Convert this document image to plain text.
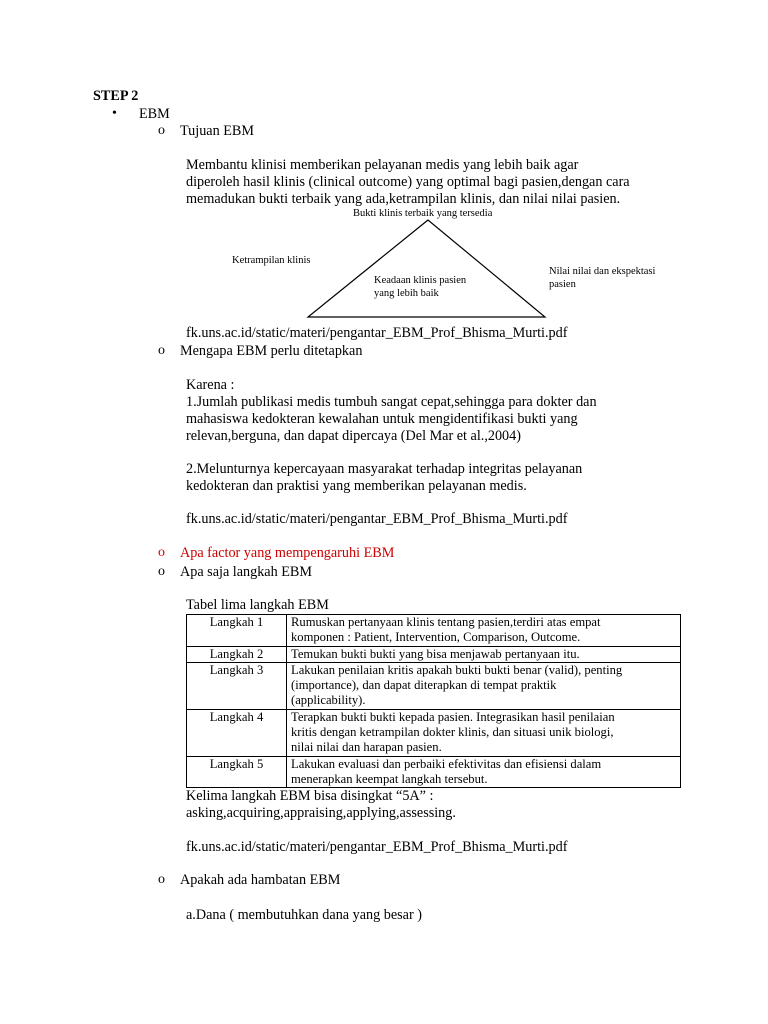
STEP 2
• EBM
o Tujuan EBM
Membantu klinisi memberikan pelayanan medis yang lebih baik agar
diperoleh hasil klinis (clinical outcome) yang optimal bagi pasien,dengan cara
memadukan bukti terbaik yang ada,ketrampilan klinis, dan nilai nilai pasien.
Bukti klinis terbaik yang tersedia
Ketrampilan klinis
Keadaan klinis pasien
yang lebih baik
Nilai nilai dan ekspektasi
pasien
fk.uns.ac.id/static/materi/pengantar_EBM_Prof_Bhisma_Murti.pdf
o Mengapa EBM perlu ditetapkan
Karena :
1.Jumlah publikasi medis tumbuh sangat cepat,sehingga para dokter dan
mahasiswa kedokteran kewalahan untuk mengidentifikasi bukti yang
relevan,berguna, dan dapat dipercaya (Del Mar et al.,2004)
2.Melunturnya kepercayaan masyarakat terhadap integritas pelayanan
kedokteran dan praktisi yang memberikan pelayanan medis.
fk.uns.ac.id/static/materi/pengantar_EBM_Prof_Bhisma_Murti.pdf
o Apa factor yang mempengaruhi EBM
o Apa saja langkah EBM
Tabel lima langkah EBM
Langkah 1	Rumuskan pertanyaan klinis tentang pasien,terdiri atas empat
komponen : Patient, Intervention, Comparison, Outcome.

Langkah 2	Temukan bukti bukti yang bisa menjawab pertanyaan itu.

Langkah 3	Lakukan penilaian kritis apakah bukti bukti benar (valid), penting
(importance), dan dapat diterapkan di tempat praktik
(applicability).

Langkah 4	Terapkan bukti bukti kepada pasien. Integrasikan hasil penilaian
kritis dengan ketrampilan dokter klinis, dan situasi unik biologi,
nilai nilai dan harapan pasien.

Langkah 5	Lakukan evaluasi dan perbaiki efektivitas dan efisiensi dalam
menerapkan keempat langkah tersebut.
Kelima langkah EBM bisa disingkat “5A” :
asking,acquiring,appraising,applying,assessing.
fk.uns.ac.id/static/materi/pengantar_EBM_Prof_Bhisma_Murti.pdf
o Apakah ada hambatan EBM
a.Dana ( membutuhkan dana yang besar )
